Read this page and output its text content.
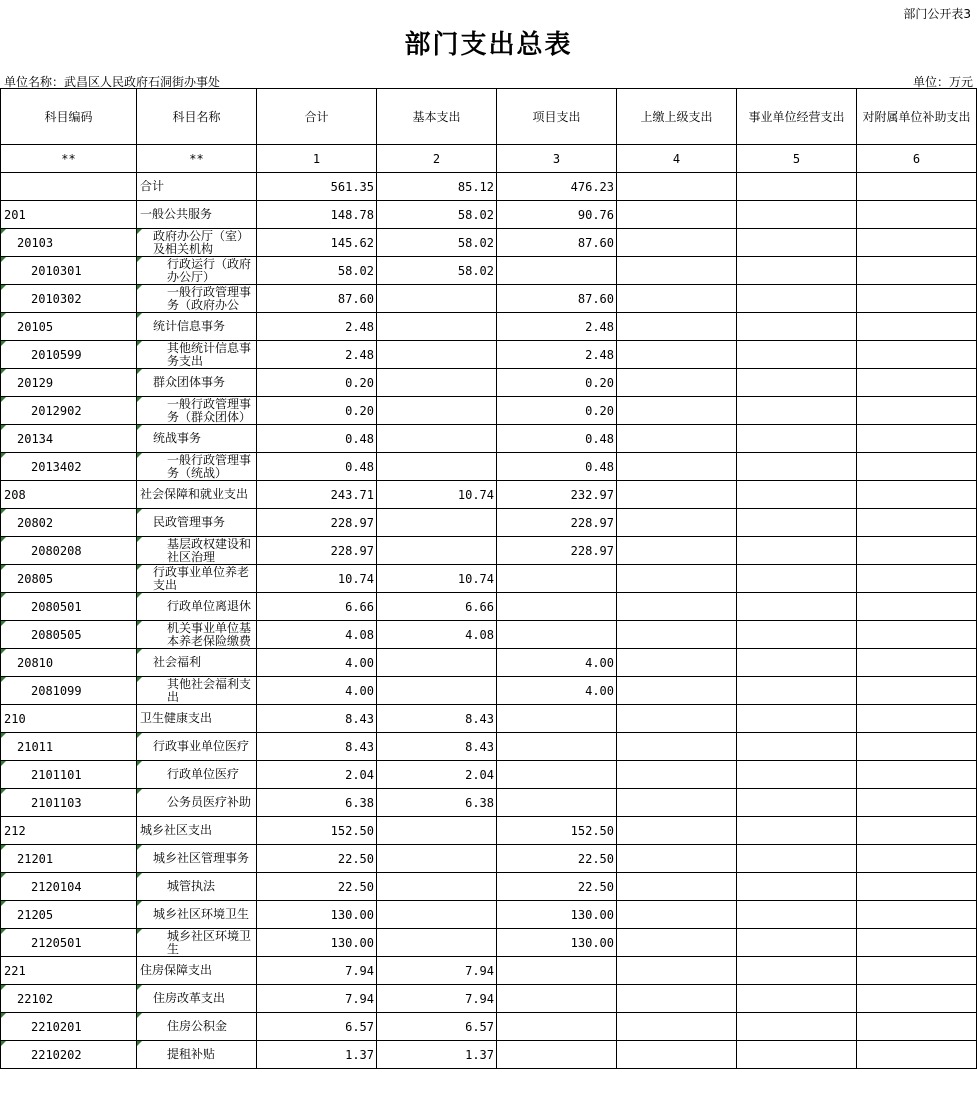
部门公开表3
部门支出总表
单位名称：武昌区人民政府石洞街办事处	单位：万元
科目编码	科目名称	合计	基本支出	项目支出	上缴上级支出	事业单位经营支出	对附属单位补助支出
**	**	1	2	3	4	5	6

	合计	561.35	85.12	476.23			

201	一般公共服务	148.78	58.02	90.76			

20103	政府办公厅（室）及相关机构	145.62	58.02	87.60			

2010301	行政运行（政府办公厅）	58.02	58.02				

2010302	一般行政管理事务（政府办公	87.60		87.60			

20105	统计信息事务	2.48		2.48			

2010599	其他统计信息事务支出	2.48		2.48			

20129	群众团体事务	0.20		0.20			

2012902	一般行政管理事务（群众团体）	0.20		0.20			

20134	统战事务	0.48		0.48			

2013402	一般行政管理事务（统战）	0.48		0.48			

208	社会保障和就业支出	243.71	10.74	232.97			

20802	民政管理事务	228.97		228.97			

2080208	基层政权建设和社区治理	228.97		228.97			

20805	行政事业单位养老支出	10.74	10.74				

2080501	行政单位离退休	6.66	6.66				

2080505	机关事业单位基本养老保险缴费	4.08	4.08				

20810	社会福利	4.00		4.00			

2081099	其他社会福利支出	4.00		4.00			

210	卫生健康支出	8.43	8.43				

21011	行政事业单位医疗	8.43	8.43				

2101101	行政单位医疗	2.04	2.04				

2101103	公务员医疗补助	6.38	6.38				

212	城乡社区支出	152.50		152.50			

21201	城乡社区管理事务	22.50		22.50			

2120104	城管执法	22.50		22.50			

21205	城乡社区环境卫生	130.00		130.00			

2120501	城乡社区环境卫生	130.00		130.00			

221	住房保障支出	7.94	7.94				

22102	住房改革支出	7.94	7.94				

2210201	住房公积金	6.57	6.57				

2210202	提租补贴	1.37	1.37				
